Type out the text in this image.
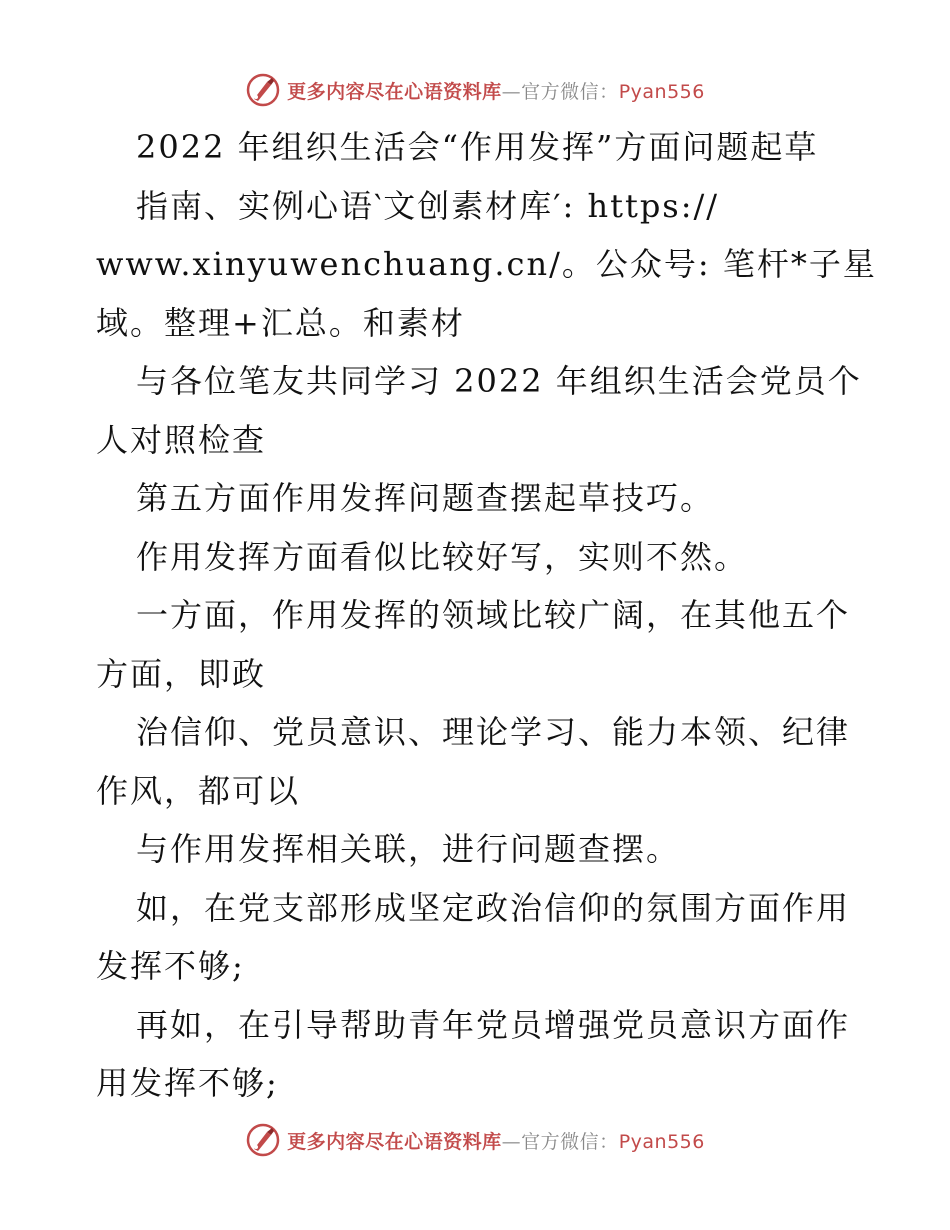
更多内容尽在心语资料库—官方微信：Pyan556
2022 年组织生活会“作用发挥”方面问题起草
指南、实例心语‵文创素材库′: https://
www.xinyuwenchuang.cn/。公众号: 笔杆*子星
域。整理+汇总。和素材
与各位笔友共同学习 2022 年组织生活会党员个
人对照检查
第五方面作用发挥问题查摆起草技巧。
作用发挥方面看似比较好写，实则不然。
一方面，作用发挥的领域比较广阔，在其他五个
方面，即政
治信仰、党员意识、理论学习、能力本领、纪律
作风，都可以
与作用发挥相关联，进行问题查摆。
如，在党支部形成坚定政治信仰的氛围方面作用
发挥不够;
再如，在引导帮助青年党员增强党员意识方面作
用发挥不够;
更多内容尽在心语资料库—官方微信：Pyan556
